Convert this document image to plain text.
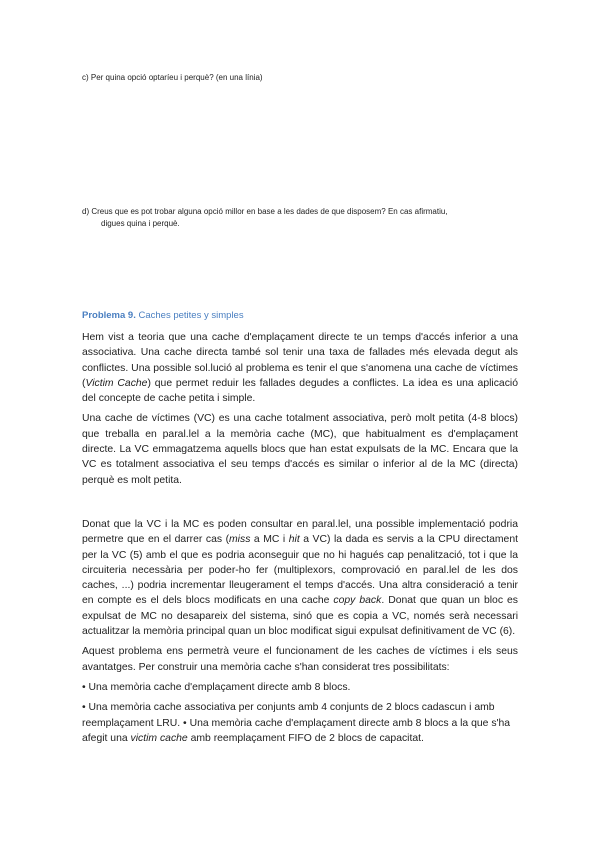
c) Per quina opció optaríeu i perquè? (en una línia)
d) Creus que es pot trobar alguna opció millor en base a les dades de que disposem? En cas afirmatiu,
digues quina i perquè.
Problema 9. Caches petites y simples

Hem vist a teoria que una cache d'emplaçament directe te un temps d'accés inferior a una associativa. Una cache directa també sol tenir una taxa de fallades més elevada degut als conflictes. Una possible sol.lució al problema es tenir el que s'anomena una cache de víctimes (Victim Cache) que permet reduir les fallades degudes a conflictes. La idea es una aplicació del concepte de cache petita i simple.

Una cache de víctimes (VC) es una cache totalment associativa, però molt petita (4-8 blocs) que treballa en paral.lel a la memòria cache (MC), que habitualment es d'emplaçament directe. La VC emmagatzema aquells blocs que han estat expulsats de la MC. Encara que la VC es totalment associativa el seu temps d'accés es similar o inferior al de la MC (directa) perquè es molt petita.

Donat que la VC i la MC es poden consultar en paral.lel, una possible implementació podria permetre que en el darrer cas (miss a MC i hit a VC) la dada es servis a la CPU directament per la VC (5) amb el que es podria aconseguir que no hi hagués cap penalització, tot i que la circuiteria necessària per poder-ho fer (multiplexors, comprovació en paral.lel de les dos caches, ...) podria incrementar lleugerament el temps d'accés. Una altra consideració a tenir en compte es el dels blocs modificats en una cache copy back. Donat que quan un bloc es expulsat de MC no desapareix del sistema, sinó que es copia a VC, només serà necessari actualitzar la memòria principal quan un bloc modificat sigui expulsat definitivament de VC (6).

Aquest problema ens permetrà veure el funcionament de les caches de víctimes i els seus avantatges. Per construir una memòria cache s'han considerat tres possibilitats:

• Una memòria cache d'emplaçament directe amb 8 blocs.

• Una memòria cache associativa per conjunts amb 4 conjunts de 2 blocs cadascun i amb reemplaçament LRU. • Una memòria cache d'emplaçament directe amb 8 blocs a la que s'ha afegit una victim cache amb reemplaçament FIFO de 2 blocs de capacitat.
